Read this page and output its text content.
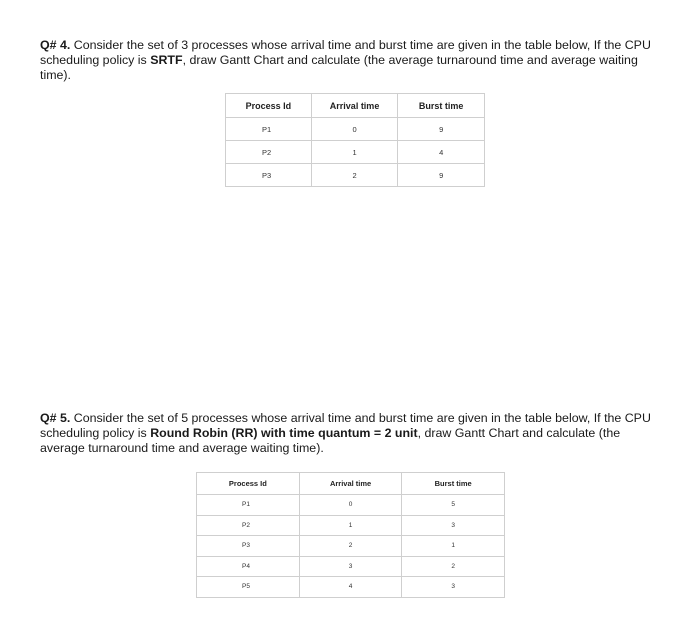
Q# 4. Consider the set of 3 processes whose arrival time and burst time are given in the table below, If the CPU scheduling policy is SRTF, draw Gantt Chart and calculate (the average turnaround time and average waiting time).
Process Id	Arrival time	Burst time
P1	0	9
P2	1	4
P3	2	9
Q# 5. Consider the set of 5 processes whose arrival time and burst time are given in the table below, If the CPU scheduling policy is Round Robin (RR) with time quantum = 2 unit, draw Gantt Chart and calculate (the average turnaround time and average waiting time).
Process Id	Arrival time	Burst time
P1	0	5
P2	1	3
P3	2	1
P4	3	2
P5	4	3
